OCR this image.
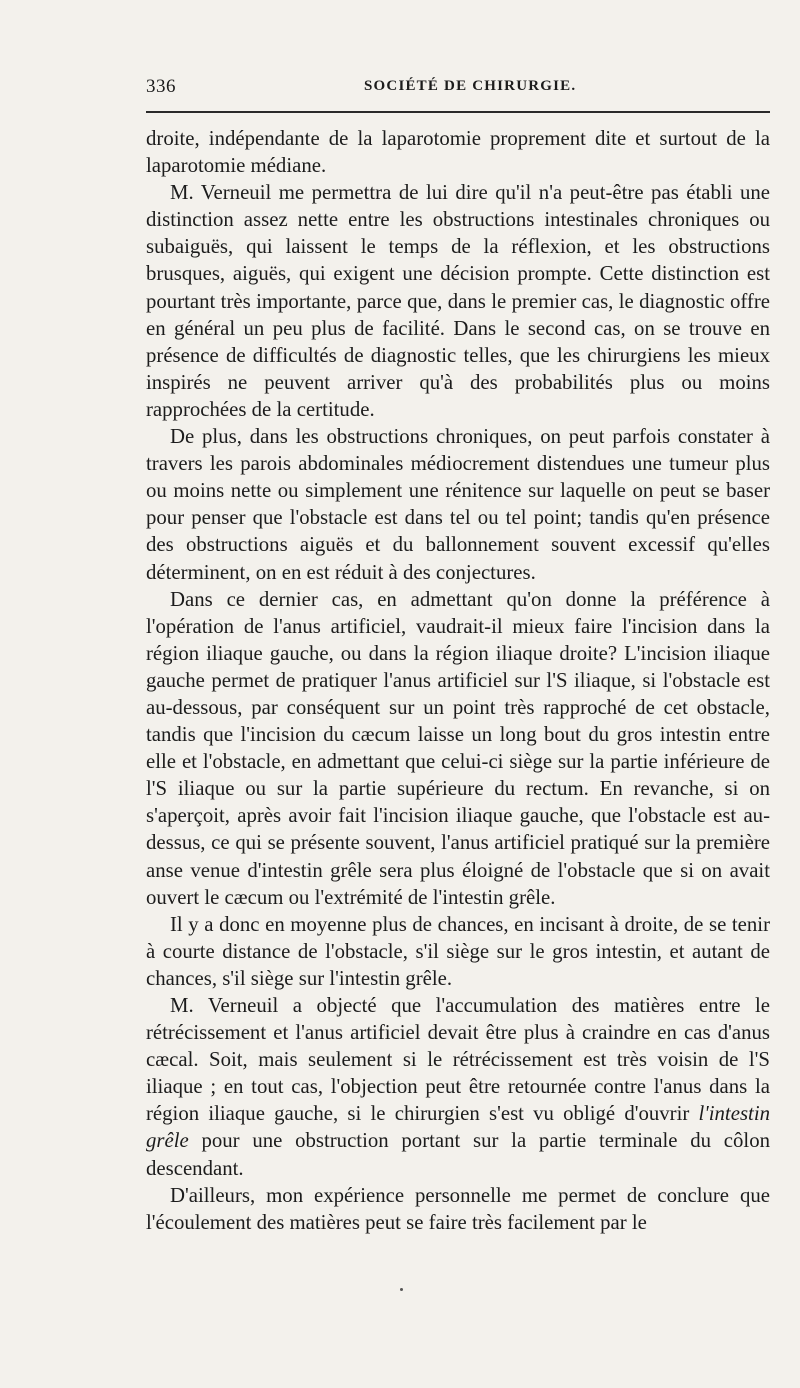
336	SOCIÉTÉ DE CHIRURGIE.

droite, indépendante de la laparotomie proprement dite et surtout de la laparotomie médiane.

M. Verneuil me permettra de lui dire qu'il n'a peut-être pas établi une distinction assez nette entre les obstructions intestinales chroniques ou subaiguës, qui laissent le temps de la réflexion, et les obstructions brusques, aiguës, qui exigent une décision prompte. Cette distinction est pourtant très importante, parce que, dans le premier cas, le diagnostic offre en général un peu plus de facilité. Dans le second cas, on se trouve en présence de difficultés de diagnostic telles, que les chirurgiens les mieux inspirés ne peuvent arriver qu'à des probabilités plus ou moins rapprochées de la certitude.

De plus, dans les obstructions chroniques, on peut parfois constater à travers les parois abdominales médiocrement distendues une tumeur plus ou moins nette ou simplement une rénitence sur laquelle on peut se baser pour penser que l'obstacle est dans tel ou tel point; tandis qu'en présence des obstructions aiguës et du ballonnement souvent excessif qu'elles déterminent, on en est réduit à des conjectures.

Dans ce dernier cas, en admettant qu'on donne la préférence à l'opération de l'anus artificiel, vaudrait-il mieux faire l'incision dans la région iliaque gauche, ou dans la région iliaque droite? L'incision iliaque gauche permet de pratiquer l'anus artificiel sur l'S iliaque, si l'obstacle est au-dessous, par conséquent sur un point très rapproché de cet obstacle, tandis que l'incision du cæcum laisse un long bout du gros intestin entre elle et l'obstacle, en admettant que celui-ci siège sur la partie inférieure de l'S iliaque ou sur la partie supérieure du rectum. En revanche, si on s'aperçoit, après avoir fait l'incision iliaque gauche, que l'obstacle est au-dessus, ce qui se présente souvent, l'anus artificiel pratiqué sur la première anse venue d'intestin grêle sera plus éloigné de l'obstacle que si on avait ouvert le cæcum ou l'extrémité de l'intestin grêle.

Il y a donc en moyenne plus de chances, en incisant à droite, de se tenir à courte distance de l'obstacle, s'il siège sur le gros intestin, et autant de chances, s'il siège sur l'intestin grêle.

M. Verneuil a objecté que l'accumulation des matières entre le rétrécissement et l'anus artificiel devait être plus à craindre en cas d'anus cæcal. Soit, mais seulement si le rétrécissement est très voisin de l'S iliaque ; en tout cas, l'objection peut être retournée contre l'anus dans la région iliaque gauche, si le chirurgien s'est vu obligé d'ouvrir l'intestin grêle pour une obstruction portant sur la partie terminale du côlon descendant.

D'ailleurs, mon expérience personnelle me permet de conclure que l'écoulement des matières peut se faire très facilement par le
